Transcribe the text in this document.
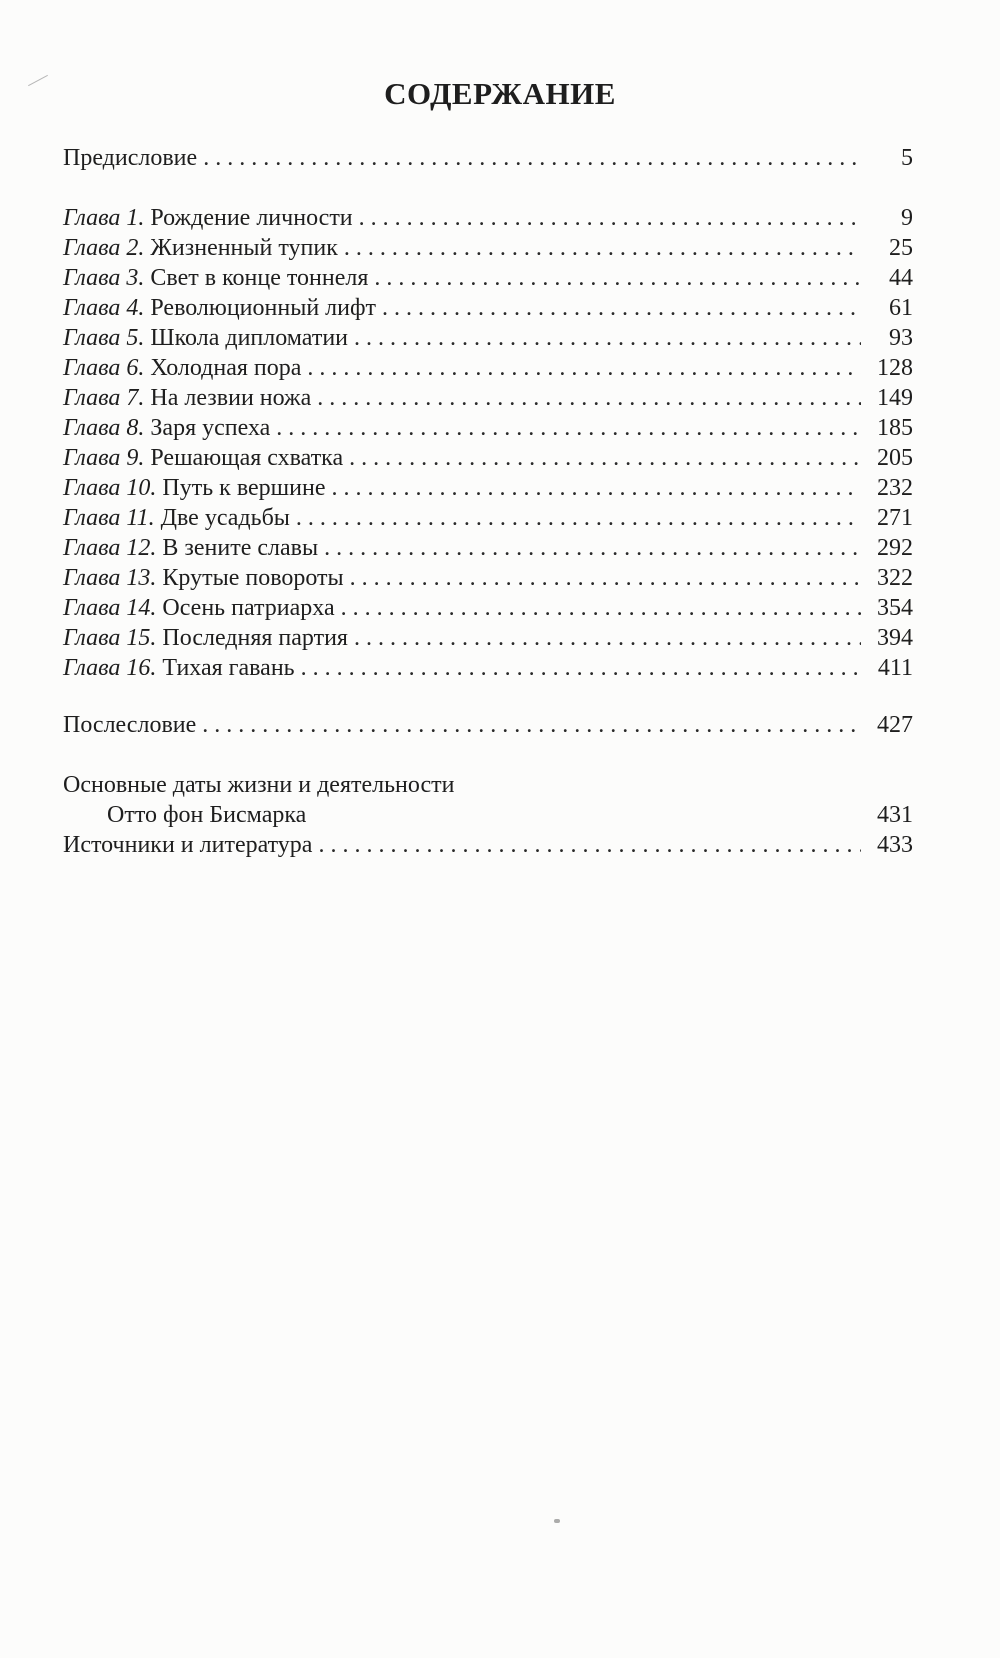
СОДЕРЖАНИЕ
Предисловие . . .	5
Глава 1. Рождение личности . . .	9
Глава 2. Жизненный тупик . . .	25
Глава 3. Свет в конце тоннеля . . .	44
Глава 4. Революционный лифт . . .	61
Глава 5. Школа дипломатии . . .	93
Глава 6. Холодная пора . . .	128
Глава 7. На лезвии ножа . . .	149
Глава 8. Заря успеха . . .	185
Глава 9. Решающая схватка . . .	205
Глава 10. Путь к вершине . . .	232
Глава 11. Две усадьбы . . .	271
Глава 12. В зените славы . . .	292
Глава 13. Крутые повороты . . .	322
Глава 14. Осень патриарха . . .	354
Глава 15. Последняя партия . . .	394
Глава 16. Тихая гавань . . .	411
Послесловие . . .	427
Основные даты жизни и деятельности
Отто фон Бисмарка	431
Источники и литература . . .	433
